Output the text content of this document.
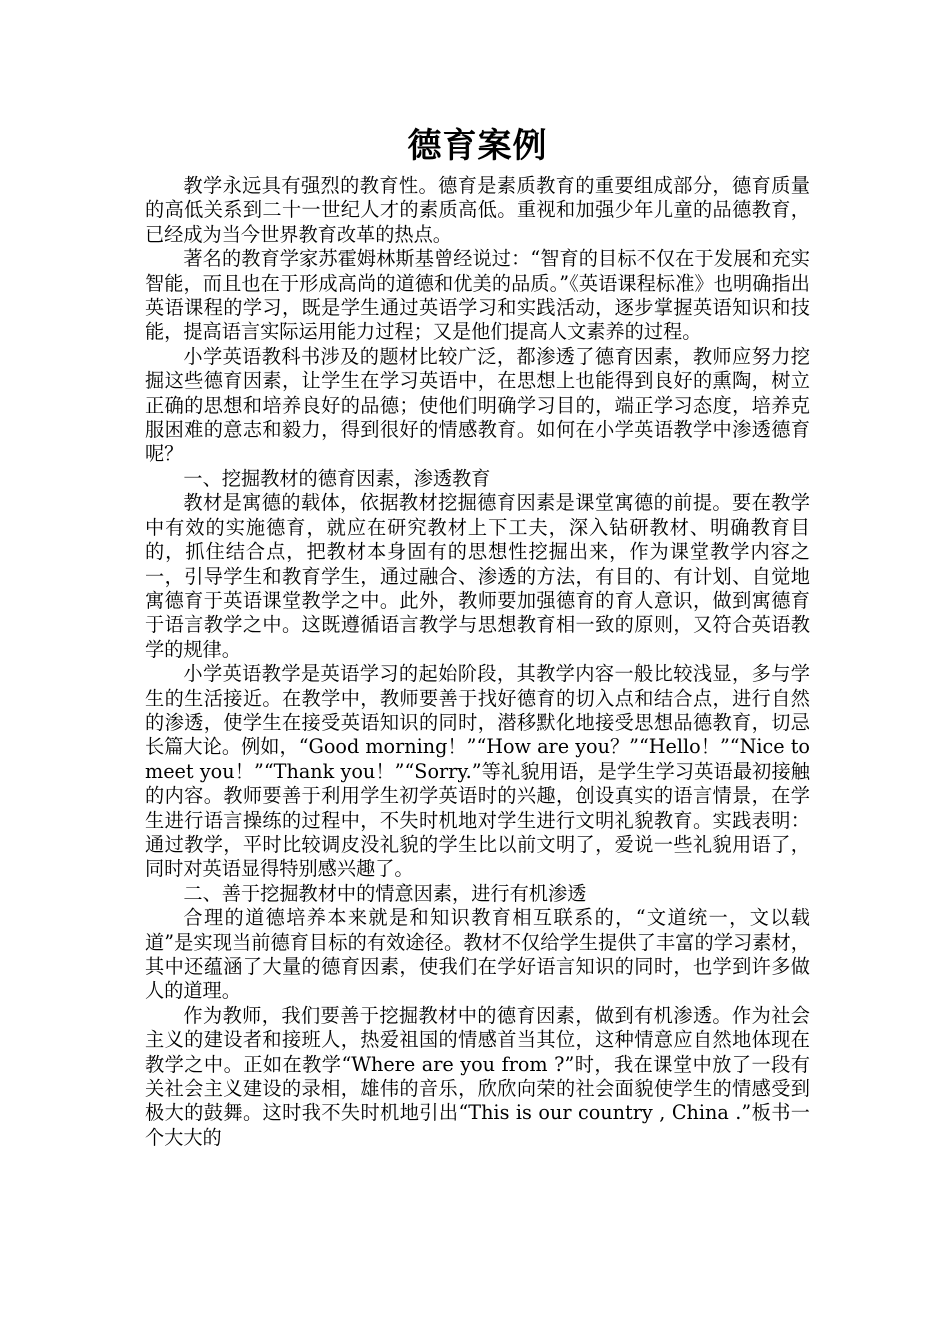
德育案例

教学永远具有强烈的教育性。德育是素质教育的重要组成部分，德育质量的高低关系到二十一世纪人才的素质高低。重视和加强少年儿童的品德教育，已经成为当今世界教育改革的热点。

著名的教育学家苏霍姆林斯基曾经说过：“智育的目标不仅在于发展和充实智能，而且也在于形成高尚的道德和优美的品质。”《英语课程标准》也明确指出英语课程的学习，既是学生通过英语学习和实践活动，逐步掌握英语知识和技能，提高语言实际运用能力过程；又是他们提高人文素养的过程。

小学英语教科书涉及的题材比较广泛，都渗透了德育因素，教师应努力挖掘这些德育因素，让学生在学习英语中，在思想上也能得到良好的熏陶，树立正确的思想和培养良好的品德；使他们明确学习目的，端正学习态度，培养克服困难的意志和毅力，得到很好的情感教育。如何在小学英语教学中渗透德育呢？

一、挖掘教材的德育因素，渗透教育

教材是寓德的载体，依据教材挖掘德育因素是课堂寓德的前提。要在教学中有效的实施德育，就应在研究教材上下工夫，深入钻研教材、明确教育目的，抓住结合点，把教材本身固有的思想性挖掘出来，作为课堂教学内容之一，引导学生和教育学生，通过融合、渗透的方法，有目的、有计划、自觉地寓德育于英语课堂教学之中。此外，教师要加强德育的育人意识，做到寓德育于语言教学之中。这既遵循语言教学与思想教育相一致的原则，又符合英语教学的规律。

小学英语教学是英语学习的起始阶段，其教学内容一般比较浅显，多与学生的生活接近。在教学中，教师要善于找好德育的切入点和结合点，进行自然的渗透，使学生在接受英语知识的同时，潜移默化地接受思想品德教育，切忌长篇大论。例如，“Good morning！”“How are you？”“Hello！”“Nice to meet you！”“Thank you！”“Sorry.”等礼貌用语，是学生学习英语最初接触的内容。教师要善于利用学生初学英语时的兴趣，创设真实的语言情景，在学生进行语言操练的过程中，不失时机地对学生进行文明礼貌教育。实践表明：通过教学，平时比较调皮没礼貌的学生比以前文明了，爱说一些礼貌用语了，同时对英语显得特别感兴趣了。

二、善于挖掘教材中的情意因素，进行有机渗透

合理的道德培养本来就是和知识教育相互联系的，“文道统一，文以载道”是实现当前德育目标的有效途径。教材不仅给学生提供了丰富的学习素材，其中还蕴涵了大量的德育因素，使我们在学好语言知识的同时，也学到许多做人的道理。

作为教师，我们要善于挖掘教材中的德育因素，做到有机渗透。作为社会主义的建设者和接班人，热爱祖国的情感首当其位，这种情意应自然地体现在教学之中。正如在教学“Where are you from ?”时，我在课堂中放了一段有关社会主义建设的录相，雄伟的音乐，欣欣向荣的社会面貌使学生的情感受到极大的鼓舞。这时我不失时机地引出“This is our country , China .”板书一个大大的
